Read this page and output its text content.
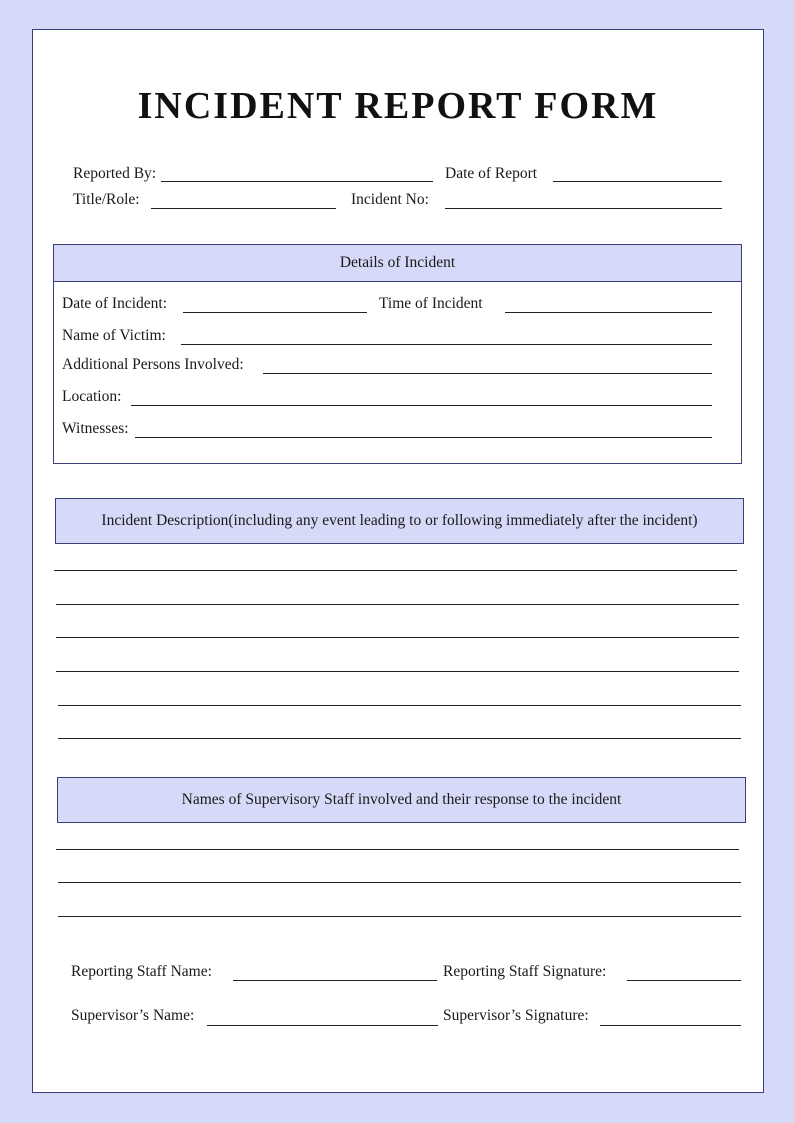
INCIDENT REPORT FORM
Reported By:	Date of Report
Title/Role:	Incident No:
Details of Incident
Date of Incident:	Time of Incident
Name of Victim:
Additional Persons Involved:
Location:
Witnesses:
Incident Description(including any event leading to or following immediately after the incident)
Names of Supervisory Staff involved and their response to the incident
Reporting Staff Name:	Reporting Staff Signature:
Supervisor’s Name:	Supervisor’s Signature:
